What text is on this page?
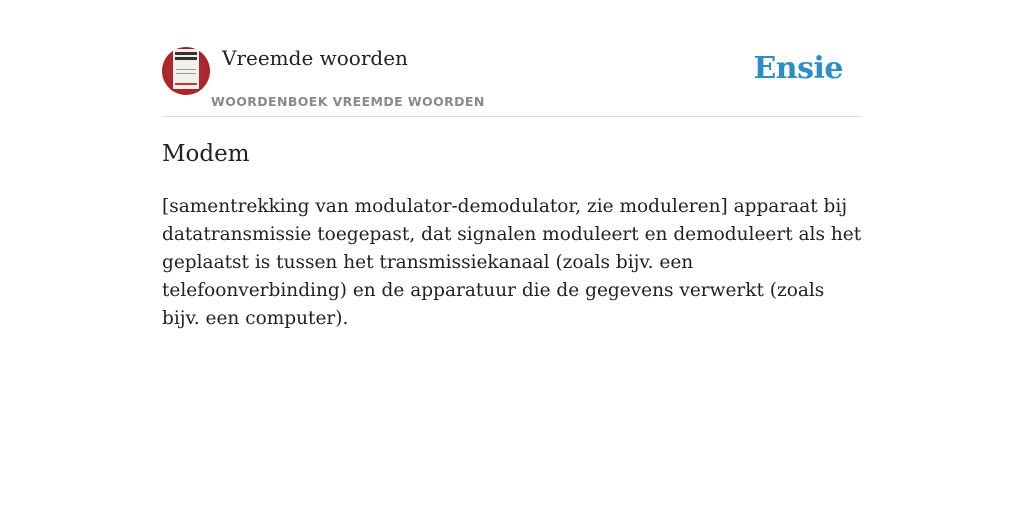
Vreemde woorden
WOORDENBOEK VREEMDE WOORDEN
Ensie
Modem

[samentrekking van modulator-demodulator, zie moduleren] apparaat bij datatransmissie toegepast, dat signalen moduleert en demoduleert als het geplaatst is tussen het transmissiekanaal (zoals bijv. een telefoonverbinding) en de apparatuur die de gegevens verwerkt (zoals bijv. een computer).
